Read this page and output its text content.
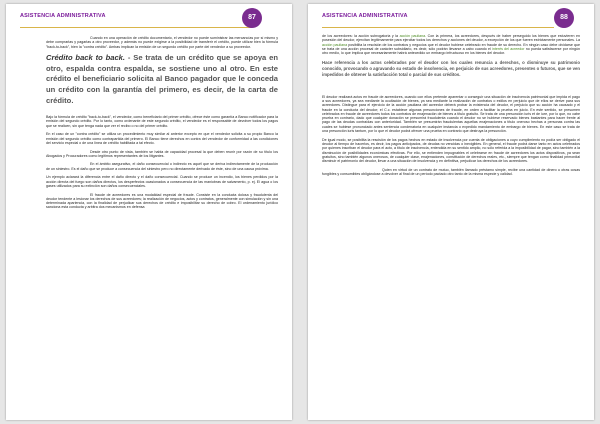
ASISTENCIA ADMINISTRATIVA	87

Cuando en una operación de crédito documentario, el vendedor no puede suministrar las mercancías por sí mismo y debe comprarlas y pagarlas a otro proveedor, y además no puede exigirse a la posibilidad de transferir el crédito, puede utilizar bien la fórmula "back-to-back", bien la "contra crédito". Ambas implican la emisión de un segundo crédito por parte del vendedor a su proveedor.

Crédito back to back. - Se trata de un crédito que se apoya en otro, espalda contra espalda, se sostiene uno al otro. En este crédito el beneficiario solicita al Banco pagador que le conceda un crédito con la garantía del primero, es decir, de la carta de crédito.

Bajo la fórmula de crédito "back-to-back", el vendedor, como beneficiario del primer crédito, ofrece éste como garantía a Banco notificador para la emisión del segundo crédito. Por lo tanto, como ordenante de este segundo crédito, el vendedor es el responsable de devolver todos los pagos que se realicen, sin que tenga nada que ver el recibo o no del primer crédito.

En el caso de un "contra crédito" se utiliza un procedimiento muy similar al anterior excepto en que el vendedor solicita a su propio Banco la emisión del segundo crédito como contrapartida del primero. El Banco tiene derechos en contra del vendedor de conformidad a las condiciones del servicio especial o de una línea de crédito habilitada a tal efecto.

Desde otro punto de vista, también se habla de capacidad procesal la que deben reunir por razón de su título los Abogados y Procuradores como legítimos representantes de los litigantes.

En el ámbito asegurativo, el daño consecuencial o indirecto es aquél que se deriva indirectamente de la producción de un siniestro. Es el daño que se produce a consecuencia del siniestro pero no directamente derivado de éste, sino de una causa próxima.

Un ejemplo aclarará la diferencia entre el daño directo y el daño consecuencial. Cuando se produce un incendio, los bienes perdidos por la acción directa del fuego son daños directos, los desperfectos ocasionados a consecuencia de las maniobras de salvamento, p. ej. El agua o los gases utilizados para su extinción son daños consecuenciales.

El fraude de acreedores es una modalidad especial de fraude. Consiste en la conducta dolosa y fraudulenta del deudor tendente a lesionar los derechos de sus acreedores; la realización de negocios, actos y contratos, generalmente con simulación y sin una determinada apariencia, con la finalidad de perjudicar sus derechos de crédito e imposibilitar su derecho de cobro. El ordenamiento jurídico sanciona esta conducta y arbitra dos mecanismos en defensa

ASISTENCIA ADMINISTRATIVA	88

de los acreedores: la acción subrogatoria y la acción pauliana. Con la primera, los acreedores, después de haber perseguido los bienes que estuvieren en posesión del deudor, ejercitan legítimamente para ejercitar todos los derechos y acciones del deudor, a excepción de los que fueren estrictamente personales. La acción pauliana posibilita la rescisión de los contratos y negocios que el deudor hubiese celebrado en fraude de su derecho. En ningún caso debe olvidarse que se trata de una acción procesal de carácter subsidiario, es decir, sólo podrán llevarse a cabo cuando el interés del acreedor no pueda satisfacerse por ningún otro medio, lo que implica que necesariamente habrá antecedido un embargo infructuoso en los bienes del deudor.

Hace referencia a los actos celebrados por el deudor con los cuales renuncia a derechos, o disminuye su patrimonio conocido, provocando o agravando su estado de insolvencia, en perjuicio de sus acreedores, presentes o futuros, que se ven impedidos de obtener la satisfacción total o parcial de sus créditos.

El deudor realizará actos en fraude de acreedores, cuando con ellos pretende aparentar o conseguir una situación de insolvencia patrimonial que impida el pago a sus acreedores, ya sea mediante la ocultación de bienes, ya sea mediante la realización de contratos o estilos en perjuicio que de ellos se derive para sus acreedores. Distingue para el ejercicio de la acción pauliana del acreedor deberá probar la existencia del deudor, el perjuicio que su acción ha causado y el fraude en la conducta del deudor; el C.c. establece algunas presunciones de fraude, en orden a facilitar la prueba en juicio. En este sentido, se presumen celebrados en fraude de acreedores todos los contratos de enajenación de bienes a título gratuito. Se trata de una presunción iuris et de iure, por lo que, no cabe prueba en contrario, dado que cualquier donación se presumirá fraudulenta cuando el deudor no se hubiese reservado bienes bastantes para hacer frente al pago de las deudas contraídas con anterioridad. También se presumirán fraudulentas aquellas enajenaciones a título oneroso hechas a personas contra las cuales se hubiese pronunciado antes sentencia condenatoria en cualquier instancia o expedido mandamiento de embargo de bienes. En este caso se trata de una presunción iuris tantum, por lo que el deudor podrá ofrecer una prueba en contrario que destruya la presunción.

De igual modo, se posibilita la rescisión de los pagos hechos en estado de insolvencia por cuenta de obligaciones a cuyo cumplimiento no podía ser obligado el deudor al tiempo de hacerlos, es decir, los pagos anticipados, de deudas no vencidas o inexigibles. En general, el fraude podrá darse tanto en actos celebrados por quienes inscriban el deudor para el acto, a título de insolvencia, entendida en su sentido amplio, no sólo referida a la imposibilidad de pagar, sino también a la disminución de posibilidades económicas efectivas. Por ello, se entienden impugnables el celebrarse en fraude de acreedores los actos dispositivos, ya sean gratuitos, sino también algunos onerosos, de cualquier clase, enajenaciones, constitución de derechos reales, etc., siempre que tengan como finalidad primordial disminuir el patrimonio del deudor, llevar a una situación de insolvencia y en definitiva, perjudicar los derechos de los acreedores.

Quien en virtud de un contrato de mutuo, también llamado préstamo simple, recibe una cantidad de dinero u otras cosas fungibles y consumibles obligándose a devolver al final de un período pactado otro tanto de la misma especie y calidad.
